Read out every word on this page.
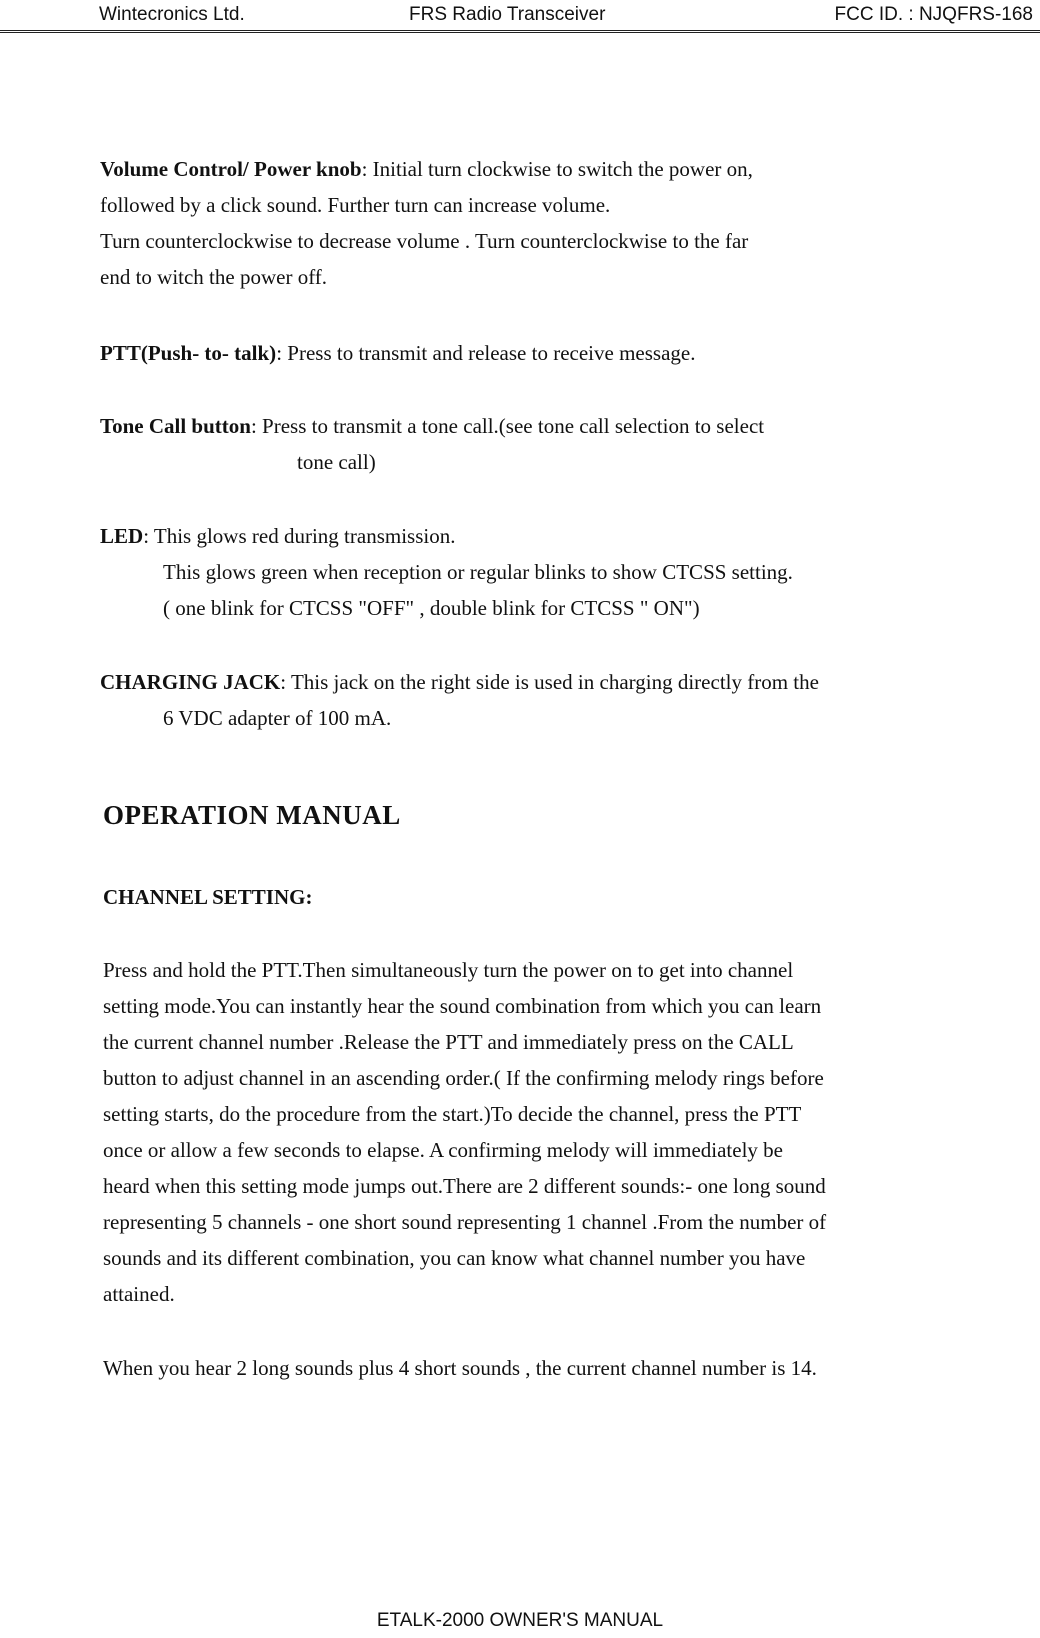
Wintecronics Ltd.	FRS Radio Transceiver	FCC ID. : NJQFRS-168
Volume Control/ Power knob: Initial turn clockwise to switch the power on,
followed by a click sound. Further turn can increase volume.
Turn counterclockwise to decrease volume . Turn counterclockwise to the far
end to witch the power off.
PTT(Push- to- talk): Press to transmit and release to receive message.
Tone Call button: Press to transmit a tone call.(see tone call selection to select
tone call)
LED: This glows red during transmission.
This glows green when reception or regular blinks to show CTCSS setting.
( one blink for CTCSS "OFF" , double blink for CTCSS " ON")
CHARGING JACK: This jack on the right side is used in charging directly from the
6 VDC adapter of 100 mA.
OPERATION MANUAL
CHANNEL SETTING:
Press and hold the PTT.Then simultaneously turn the power on to get into channel
setting mode.You can instantly hear the sound combination from which you can learn
the current channel number .Release the PTT and immediately press on the CALL
button to adjust channel in an ascending order.( If the confirming melody rings before
setting starts, do the procedure from the start.)To decide the channel, press the PTT
once or allow a few seconds to elapse. A confirming melody will immediately be
heard when this setting mode jumps out.There are 2 different sounds:- one long sound
representing 5 channels - one short sound representing 1 channel .From the number of
sounds and its different combination, you can know what channel number you have
attained.
When you hear 2 long sounds plus 4 short sounds , the current channel number is 14.
ETALK-2000 OWNER'S MANUAL
